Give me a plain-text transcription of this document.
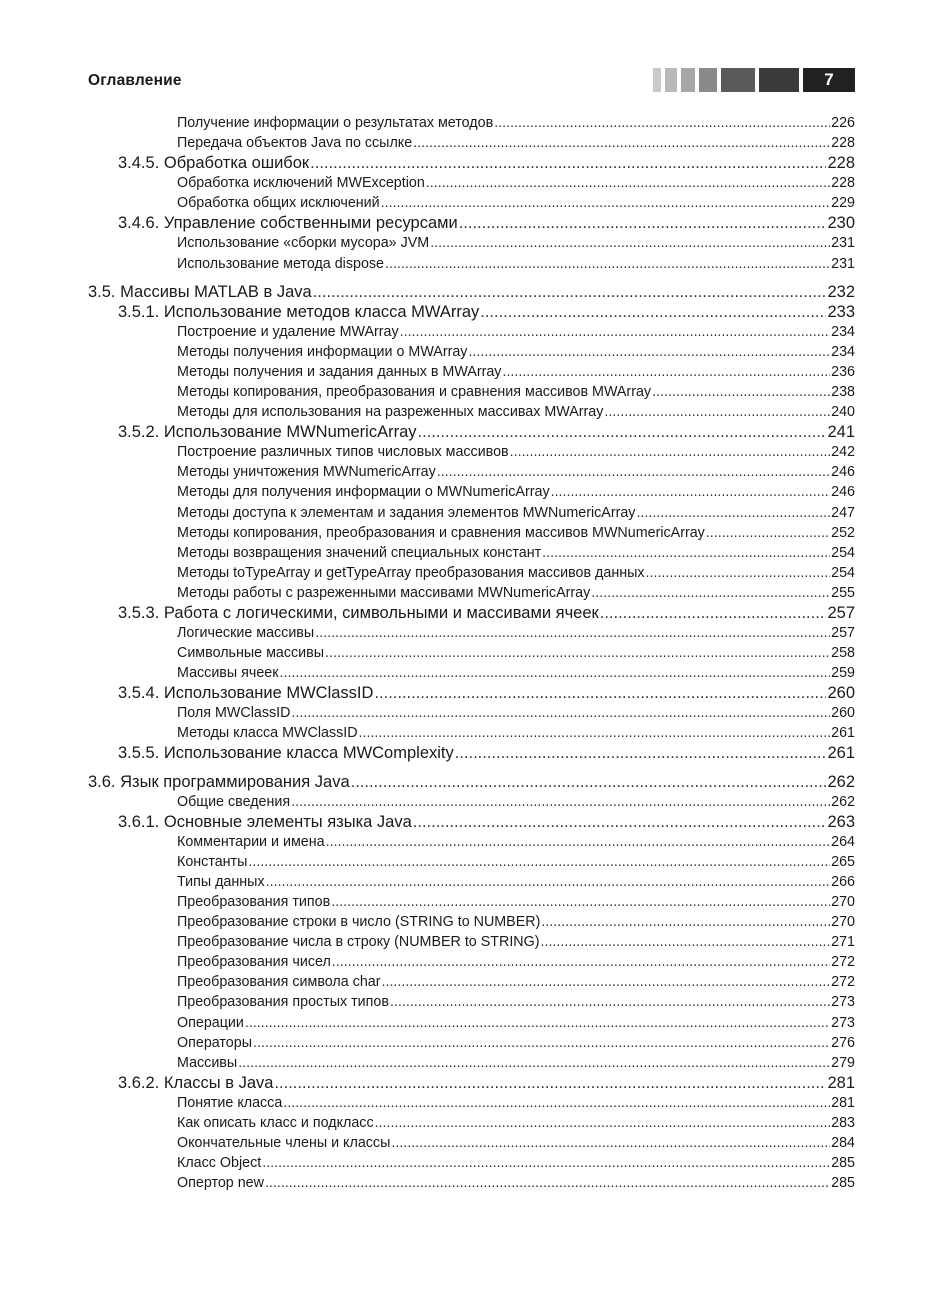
Оглавление	7
Получение информации о результатах методов .....	226
Передача объектов Java по ссылке .....	228
3.4.5. Обработка ошибок .....	228
Обработка исключений MWException .....	228
Обработка общих исключений .....	229
3.4.6. Управление собственными ресурсами .....	230
Использование «сборки мусора» JVM .....	231
Использование метода dispose .....	231
3.5. Массивы MATLAB в Java .....	232
3.5.1. Использование методов класса MWArray .....	233
Построение и удаление MWArray .....	234
Методы получения информации о MWArray .....	234
Методы получения и задания данных в MWArray .....	236
Методы копирования, преобразования и сравнения массивов MWArray .....	238
Методы для использования на разреженных массивах MWArray .....	240
3.5.2. Использование MWNumericArray .....	241
Построение различных типов числовых массивов .....	242
Методы уничтожения MWNumericArray .....	246
Методы для получения информации о MWNumericArray .....	246
Методы доступа к элементам и задания элементов MWNumericArray .....	247
Методы копирования, преобразования и сравнения массивов MWNumericArray .....	252
Методы возвращения значений специальных констант .....	254
Методы toTypeArray и getTypeArray преобразования массивов данных .....	254
Методы работы с разреженными массивами MWNumericArray .....	255
3.5.3. Работа с логическими, символьными и массивами ячеек .....	257
Логические массивы .....	257
Символьные массивы .....	258
Массивы ячеек .....	259
3.5.4. Использование MWClassID .....	260
Поля MWClassID .....	260
Методы класса MWClassID .....	261
3.5.5. Использование класса MWComplexity .....	261
3.6. Язык программирования Java .....	262
Общие сведения .....	262
3.6.1. Основные элементы языка Java .....	263
Комментарии и имена .....	264
Константы .....	265
Типы данных .....	266
Преобразования типов .....	270
Преобразование строки в число (STRING to NUMBER) .....	270
Преобразование числа в строку (NUMBER to STRING) .....	271
Преобразования чисел .....	272
Преобразования символа char .....	272
Преобразования простых типов .....	273
Операции .....	273
Операторы .....	276
Массивы .....	279
3.6.2. Классы в Java .....	281
Понятие класса .....	281
Как описать класс и подкласс .....	283
Окончательные члены и классы .....	284
Класс Object .....	285
Опертор new .....	285
